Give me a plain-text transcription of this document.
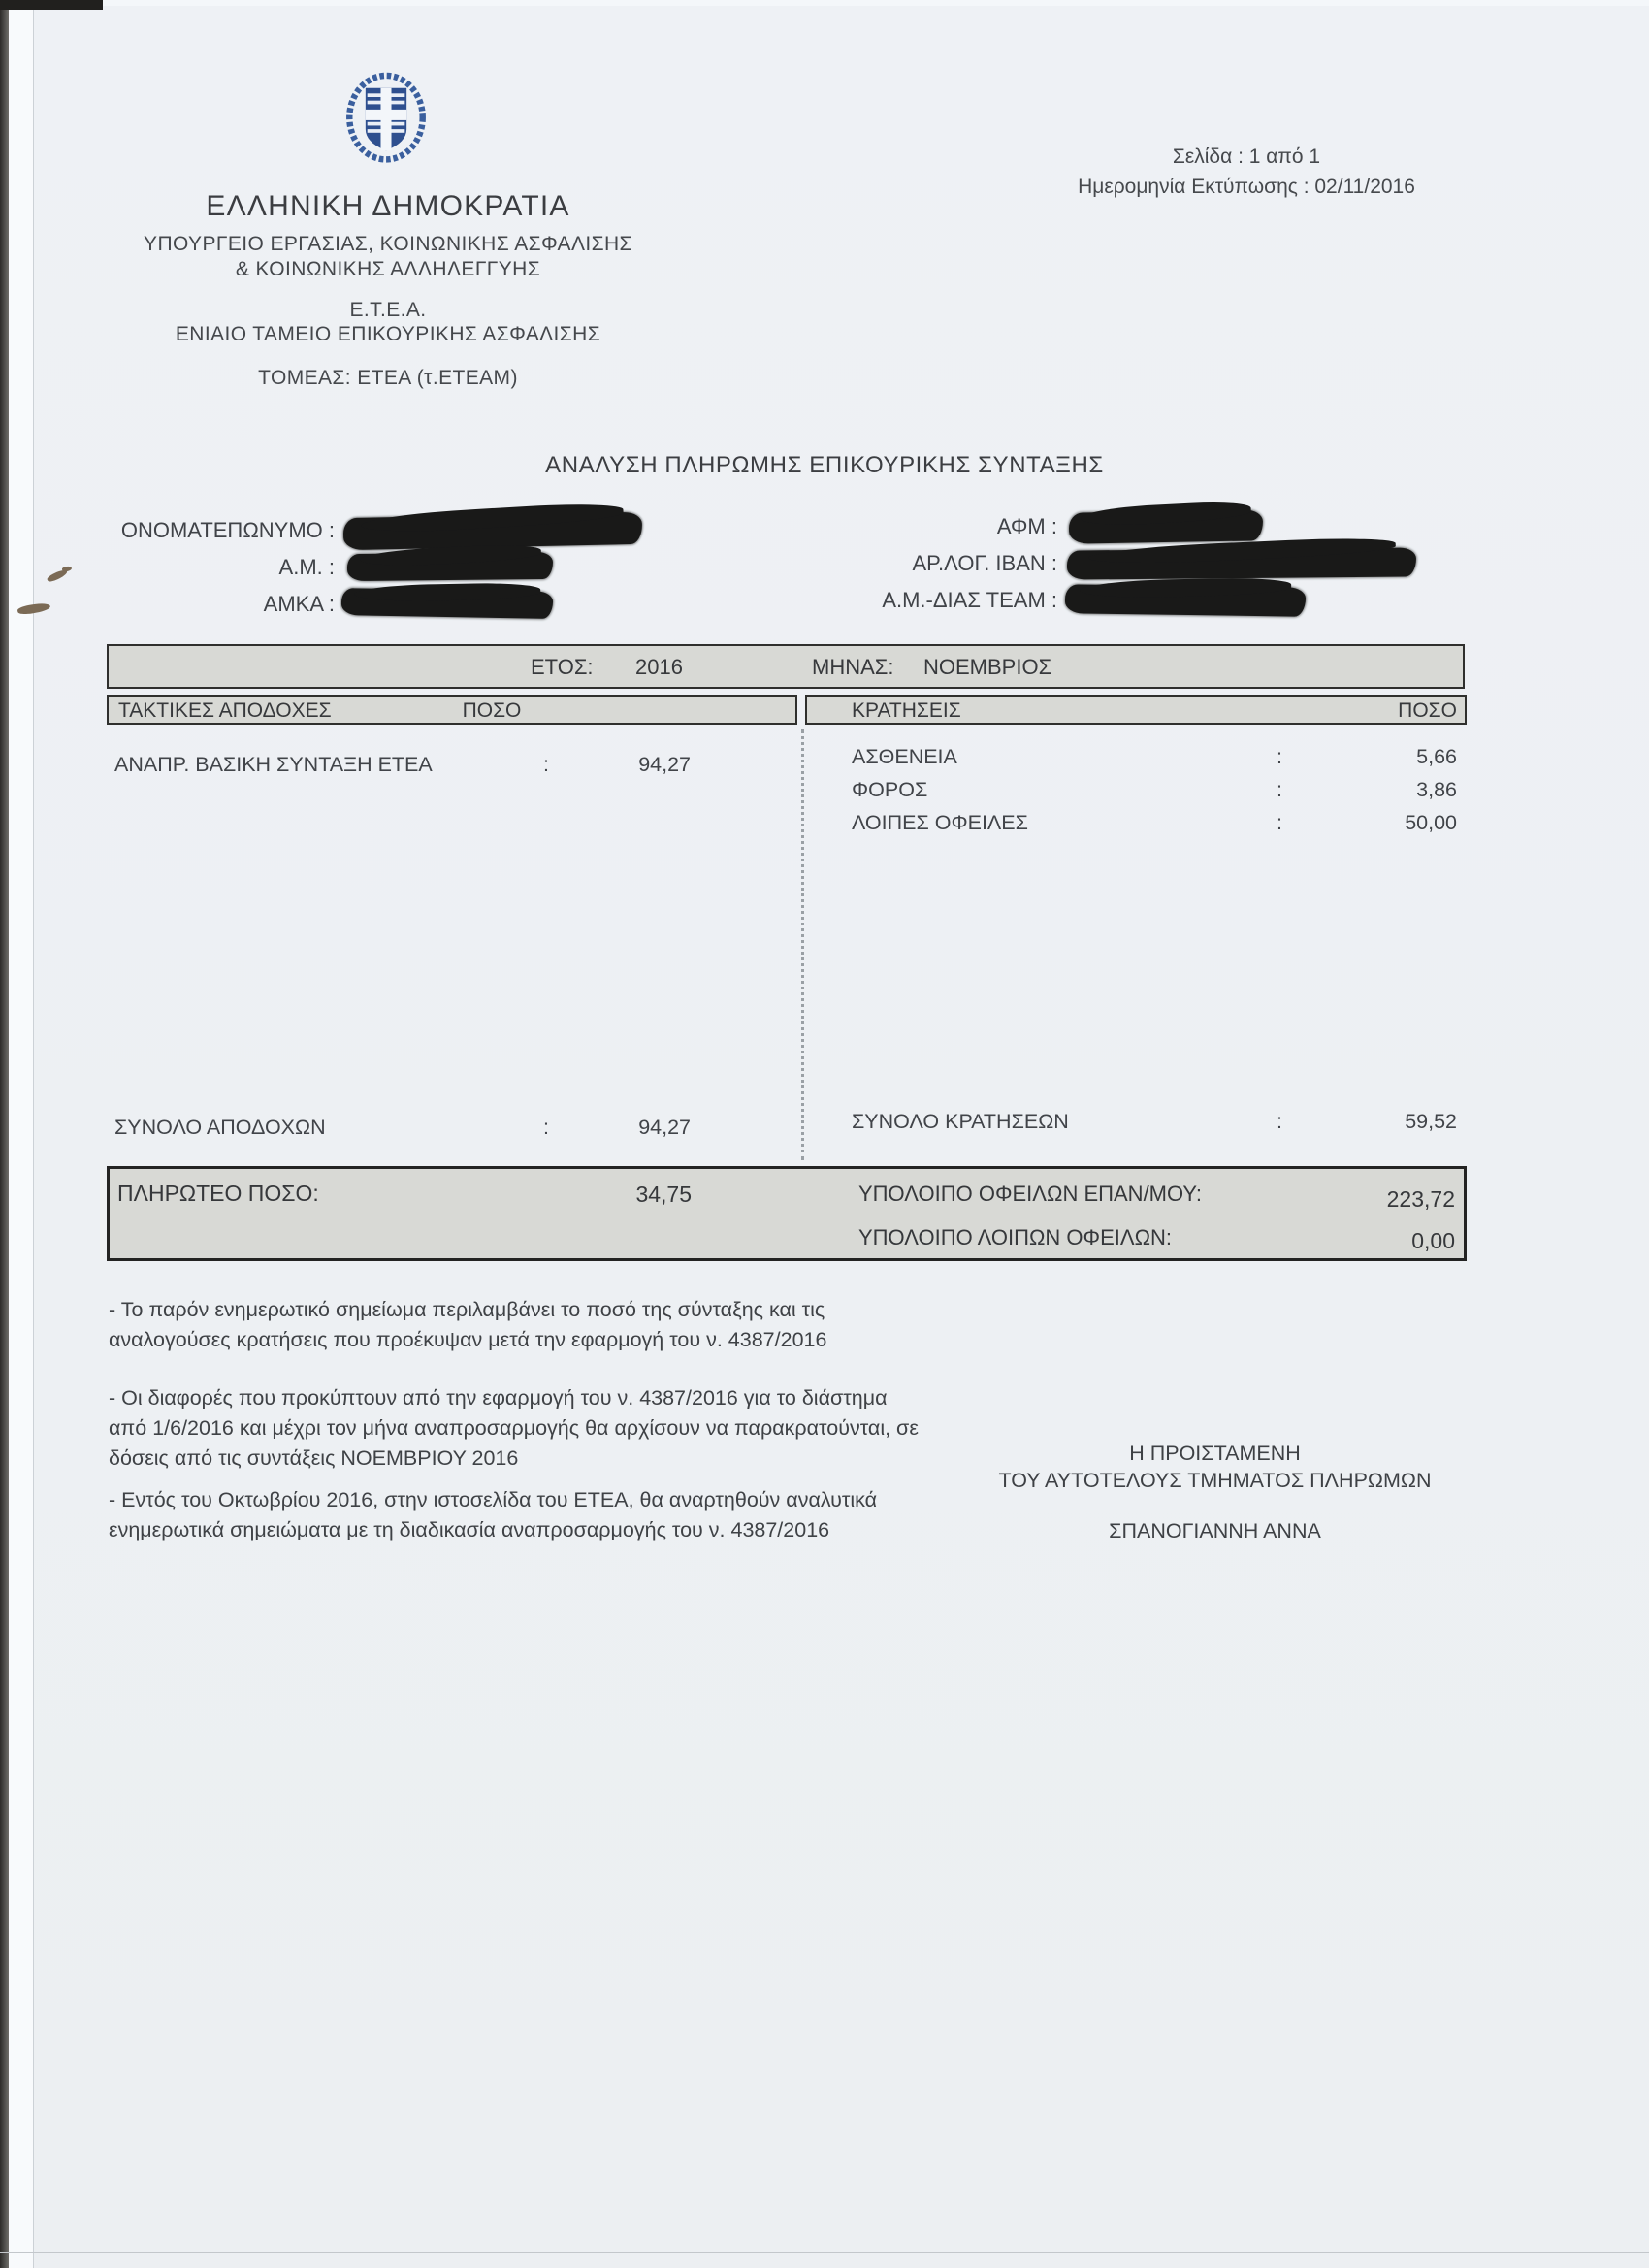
ΕΛΛΗΝΙΚΗ ΔΗΜΟΚΡΑΤΙΑ
ΥΠΟΥΡΓΕΙΟ ΕΡΓΑΣΙΑΣ, ΚΟΙΝΩΝΙΚΗΣ ΑΣΦΑΛΙΣΗΣ
& ΚΟΙΝΩΝΙΚΗΣ ΑΛΛΗΛΕΓΓΥΗΣ
Ε.Τ.Ε.Α.
ΕΝΙΑΙΟ ΤΑΜΕΙΟ ΕΠΙΚΟΥΡΙΚΗΣ ΑΣΦΑΛΙΣΗΣ
ΤΟΜΕΑΣ: ΕΤΕΑ (τ.ΕΤΕΑΜ)
Σελίδα : 1 από 1
Ημερομηνία Εκτύπωσης : 02/11/2016
ΑΝΑΛΥΣΗ ΠΛΗΡΩΜΗΣ ΕΠΙΚΟΥΡΙΚΗΣ ΣΥΝΤΑΞΗΣ
ΟΝΟΜΑΤΕΠΩΝΥΜΟ :
Α.Μ. :
ΑΜΚΑ :
ΑΦΜ :
ΑΡ.ΛΟΓ. ΙΒΑΝ :
Α.Μ.-ΔΙΑΣ ΤΕΑΜ :
ΕΤΟΣ: 2016	ΜΗΝΑΣ: ΝΟΕΜΒΡΙΟΣ
ΤΑΚΤΙΚΕΣ ΑΠΟΔΟΧΕΣ	ΠΟΣΟ	ΚΡΑΤΗΣΕΙΣ	ΠΟΣΟ
ΑΝΑΠΡ. ΒΑΣΙΚΗ ΣΥΝΤΑΞΗ ΕΤΕΑ	:	94,27	ΑΣΘΕΝΕΙΑ	:	5,66
ΦΟΡΟΣ	:	3,86
ΛΟΙΠΕΣ ΟΦΕΙΛΕΣ	:	50,00
ΣΥΝΟΛΟ ΑΠΟΔΟΧΩΝ	:	94,27	ΣΥΝΟΛΟ ΚΡΑΤΗΣΕΩΝ	:	59,52
ΠΛΗΡΩΤΕΟ ΠΟΣΟ:	34,75	ΥΠΟΛΟΙΠΟ ΟΦΕΙΛΩΝ ΕΠΑΝ/ΜΟΥ:	223,72
ΥΠΟΛΟΙΠΟ ΛΟΙΠΩΝ ΟΦΕΙΛΩΝ:	0,00
- Το παρόν ενημερωτικό σημείωμα περιλαμβάνει το ποσό της σύνταξης και τις αναλογούσες κρατήσεις που προέκυψαν μετά την εφαρμογή του ν. 4387/2016
- Οι διαφορές που προκύπτουν από την εφαρμογή του ν. 4387/2016 για το διάστημα από 1/6/2016 και μέχρι τον μήνα αναπροσαρμογής θα αρχίσουν να παρακρατούνται, σε δόσεις από τις συντάξεις ΝΟΕΜΒΡΙΟΥ 2016
- Εντός του Οκτωβρίου 2016, στην ιστοσελίδα του ΕΤΕΑ, θα αναρτηθούν αναλυτικά ενημερωτικά σημειώματα με τη διαδικασία αναπροσαρμογής του ν. 4387/2016
Η ΠΡΟΙΣΤΑΜΕΝΗ
ΤΟΥ ΑΥΤΟΤΕΛΟΥΣ ΤΜΗΜΑΤΟΣ ΠΛΗΡΩΜΩΝ
ΣΠΑΝΟΓΙΑΝΝΗ ΑΝΝΑ
